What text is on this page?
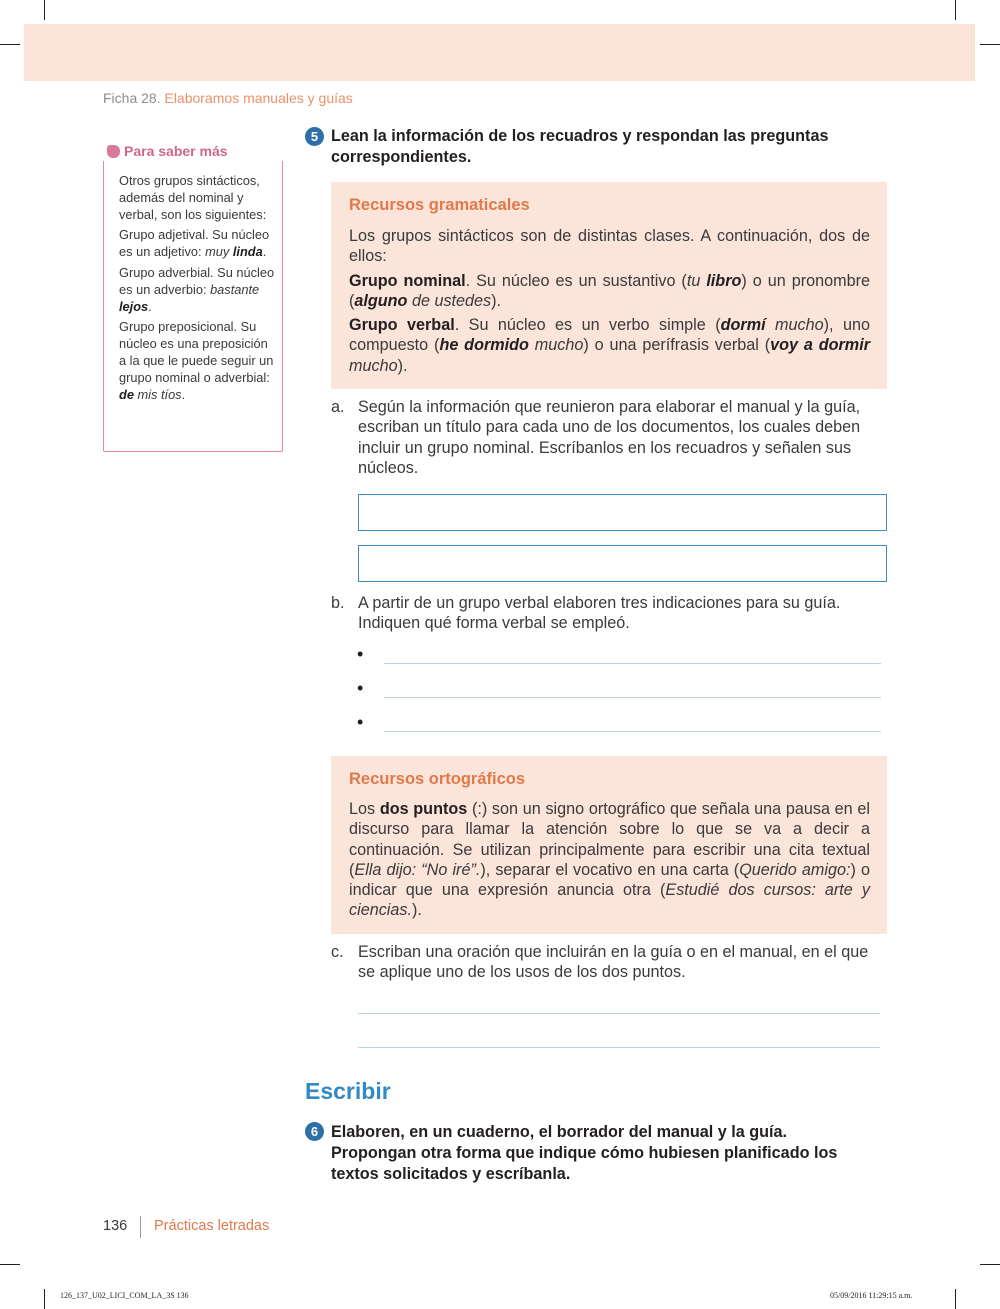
Ficha 28. Elaboramos manuales y guías
Para saber más

Otros grupos sintácticos, además del nominal y verbal, son los siguientes:

Grupo adjetival. Su núcleo es un adjetivo: muy linda.

Grupo adverbial. Su núcleo es un adverbio: bastante lejos.

Grupo preposicional. Su núcleo es una preposición a la que le puede seguir un grupo nominal o adverbial: de mis tíos.

5 Lean la información de los recuadros y respondan las preguntas correspondientes.
Recursos gramaticales

Los grupos sintácticos son de distintas clases. A continuación, dos de ellos:

Grupo nominal. Su núcleo es un sustantivo (tu libro) o un pronombre (alguno de ustedes).

Grupo verbal. Su núcleo es un verbo simple (dormí mucho), uno compuesto (he dormido mucho) o una perífrasis verbal (voy a dormir mucho).

a. Según la información que reunieron para elaborar el manual y la guía, escriban un título para cada uno de los documentos, los cuales deben incluir un grupo nominal. Escríbanlos en los recuadros y señalen sus núcleos.
b. A partir de un grupo verbal elaboren tres indicaciones para su guía. Indiquen qué forma verbal se empleó.
•
•
•
Recursos ortográficos

Los dos puntos (:) son un signo ortográfico que señala una pausa en el discurso para llamar la atención sobre lo que se va a decir a continuación. Se utilizan principalmente para escribir una cita textual (Ella dijo: “No iré”.), separar el vocativo en una carta (Querido amigo:) o indicar que una expresión anuncia otra (Estudié dos cursos: arte y ciencias.).

c. Escriban una oración que incluirán en la guía o en el manual, en el que se aplique uno de los usos de los dos puntos.
Escribir
6 Elaboren, en un cuaderno, el borrador del manual y la guía. Propongan otra forma que indique cómo hubiesen planificado los textos solicitados y escríbanla.
136 Prácticas letradas
126_137_U02_LICI_COM_LA_3S 136	05/09/2016 11:29:15 a.m.
